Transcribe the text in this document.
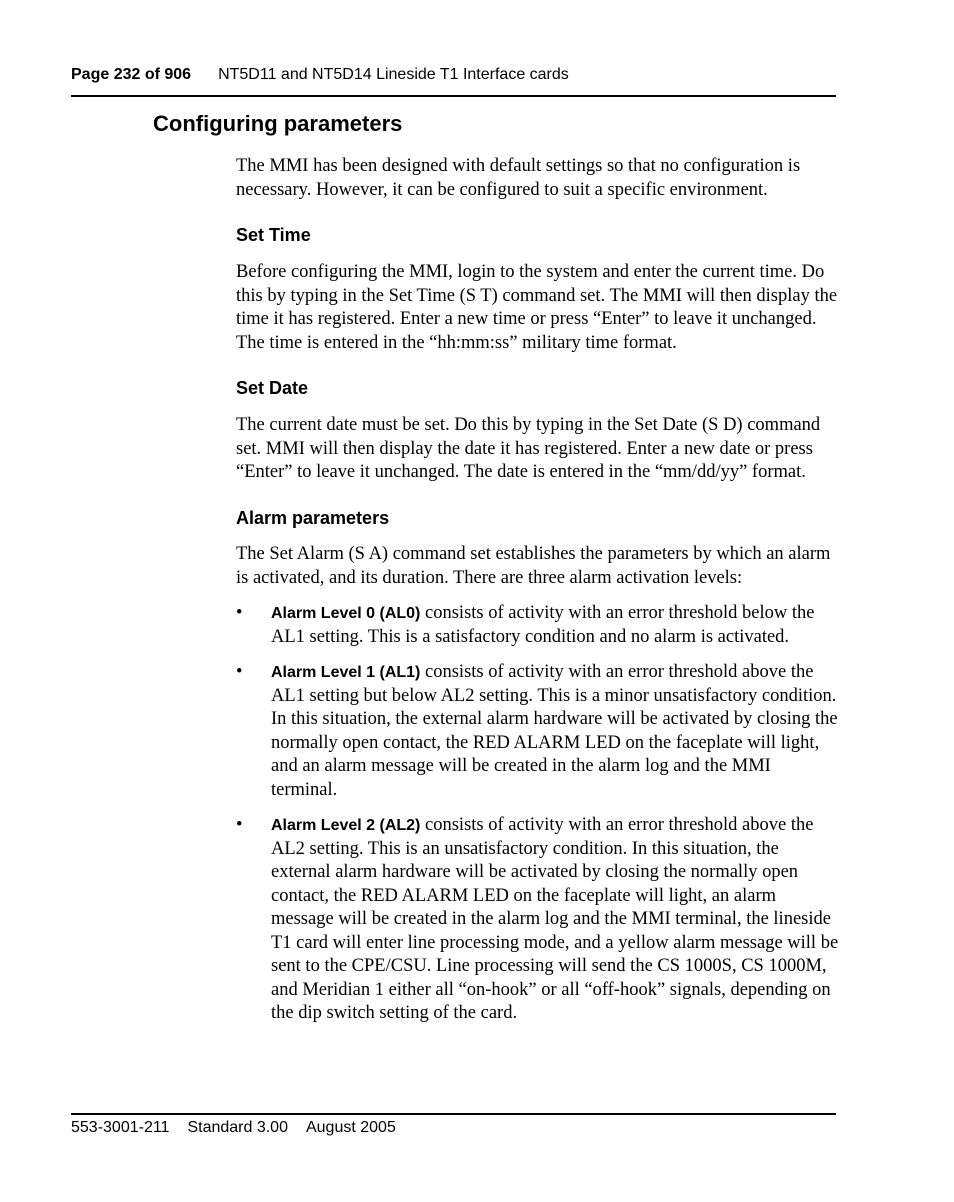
Page 232 of 906 NT5D11 and NT5D14 Lineside T1 Interface cards
Configuring parameters

The MMI has been designed with default settings so that no configuration is necessary. However, it can be configured to suit a specific environment.

Set Time

Before configuring the MMI, login to the system and enter the current time. Do this by typing in the Set Time (S T) command set. The MMI will then display the time it has registered. Enter a new time or press “Enter” to leave it unchanged. The time is entered in the “hh:mm:ss” military time format.

Set Date

The current date must be set. Do this by typing in the Set Date (S D) command set. MMI will then display the date it has registered. Enter a new date or press “Enter” to leave it unchanged. The date is entered in the “mm/dd/yy” format.

Alarm parameters

The Set Alarm (S A) command set establishes the parameters by which an alarm is activated, and its duration. There are three alarm activation levels:

•	Alarm Level 0 (AL0) consists of activity with an error threshold below the AL1 setting. This is a satisfactory condition and no alarm is activated.
•	Alarm Level 1 (AL1) consists of activity with an error threshold above the AL1 setting but below AL2 setting. This is a minor unsatisfactory condition. In this situation, the external alarm hardware will be activated by closing the normally open contact, the RED ALARM LED on the faceplate will light, and an alarm message will be created in the alarm log and the MMI terminal.
•	Alarm Level 2 (AL2) consists of activity with an error threshold above the AL2 setting. This is an unsatisfactory condition. In this situation, the external alarm hardware will be activated by closing the normally open contact, the RED ALARM LED on the faceplate will light, an alarm message will be created in the alarm log and the MMI terminal, the lineside T1 card will enter line processing mode, and a yellow alarm message will be sent to the CPE/CSU. Line processing will send the CS 1000S, CS 1000M, and Meridian 1 either all “on-hook” or all “off-hook” signals, depending on the dip switch setting of the card.
553-3001-211 Standard 3.00 August 2005
